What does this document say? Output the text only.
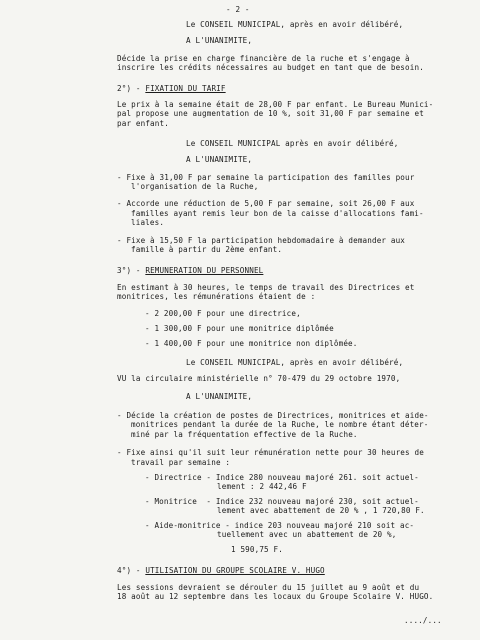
- 2 -
Le CONSEIL MUNICIPAL, après en avoir délibéré,
A L'UNANIMITE,
Décide la prise en charge financière de la ruche et s'engage à
inscrire les crédits nécessaires au budget en tant que de besoin.
2°) - FIXATION DU TARIF
Le prix à la semaine était de 28,00 F par enfant. Le Bureau Munici-
pal propose une augmentation de 10 %, soit 31,00 F par semaine et
par enfant.
Le CONSEIL MUNICIPAL après en avoir délibéré,
A L'UNANIMITE,
- Fixe à 31,00 F par semaine la participation des familles pour
l'organisation de la Ruche,
- Accorde une réduction de 5,00 F par semaine, soit 26,00 F aux
familles ayant remis leur bon de la caisse d'allocations fami-
liales.
- Fixe à 15,50 F la participation hebdomadaire à demander aux
famille à partir du 2ème enfant.
3°) - REMUNERATION DU PERSONNEL
En estimant à 30 heures, le temps de travail des Directrices et
monitrices, les rémunérations étaient de :
- 2 200,00 F pour une directrice,
- 1 300,00 F pour une monitrice diplômée
- 1 400,00 F pour une monitrice non diplômée.
Le CONSEIL MUNICIPAL, après en avoir délibéré,
VU la circulaire ministérielle n° 70-479 du 29 octobre 1970,
A L'UNANIMITE,
- Décide la création de postes de Directrices, monitrices et aide-
monitrices pendant la durée de la Ruche, le nombre étant déter-
miné par la fréquentation effective de la Ruche.
- Fixe ainsi qu'il suit leur rémunération nette pour 30 heures de
travail par semaine :
- Directrice - Indice 280 nouveau majoré 261. soit actuel-
lement : 2 442,46 F
- Monitrice  - Indice 232 nouveau majoré 230, soit actuel-
lement avec abattement de 20 % , 1 720,80 F.
- Aide-monitrice - indice 203 nouveau majoré 210 soit ac-
tuellement avec un abattement de 20 %,
1 590,75 F.
4°) - UTILISATION DU GROUPE SCOLAIRE V. HUGO
Les sessions devraient se dérouler du 15 juillet au 9 août et du
18 août au 12 septembre dans les locaux du Groupe Scolaire V. HUGO.
..../...
